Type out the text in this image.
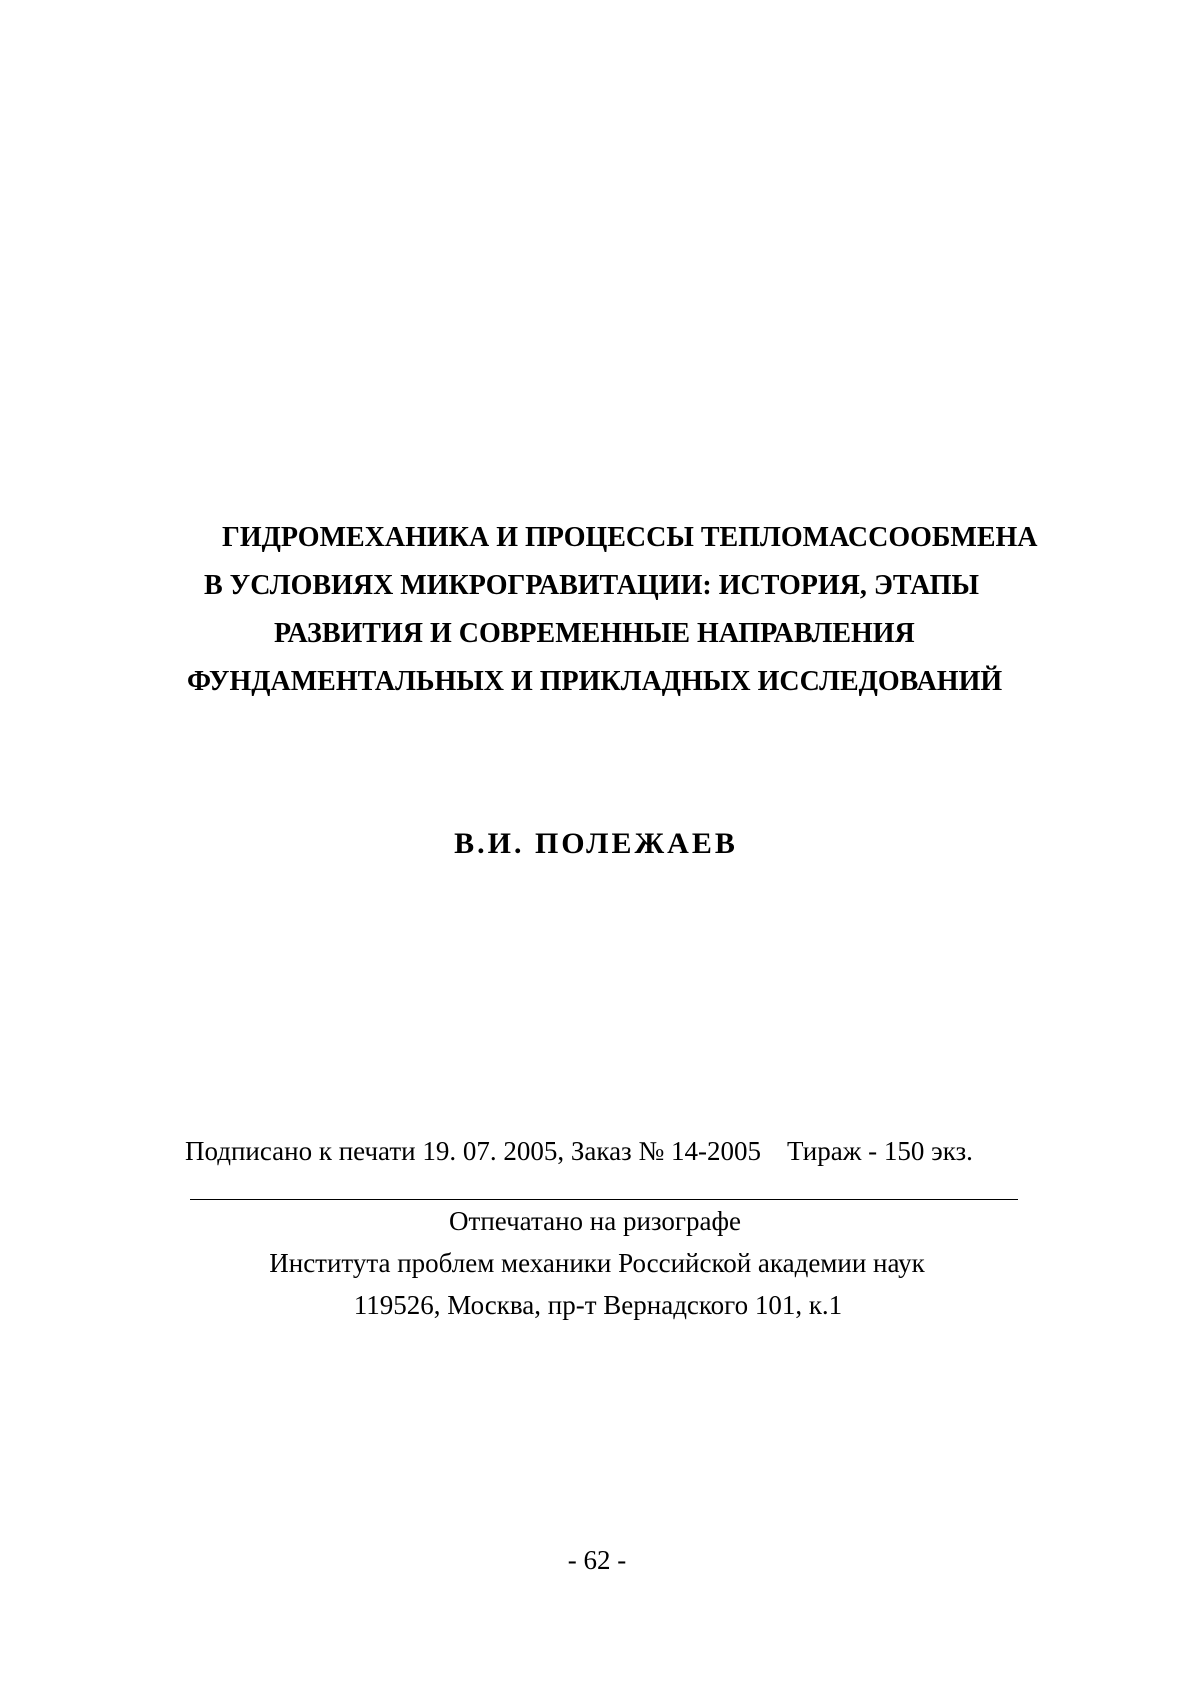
ГИДРОМЕХАНИКА И ПРОЦЕССЫ ТЕПЛОМАССООБМЕНА
В УСЛОВИЯХ МИКРОГРАВИТАЦИИ: ИСТОРИЯ, ЭТАПЫ
РАЗВИТИЯ И СОВРЕМЕННЫЕ НАПРАВЛЕНИЯ
ФУНДАМЕНТАЛЬНЫХ И ПРИКЛАДНЫХ ИССЛЕДОВАНИЙ
В.И. ПОЛЕЖАЕВ
Подписано к печати 19. 07. 2005, Заказ № 14-2005 Тираж - 150 экз.
Отпечатано на ризографе
Института проблем механики Российской академии наук
119526, Москва, пр-т Вернадского 101, к.1
- 62 -
